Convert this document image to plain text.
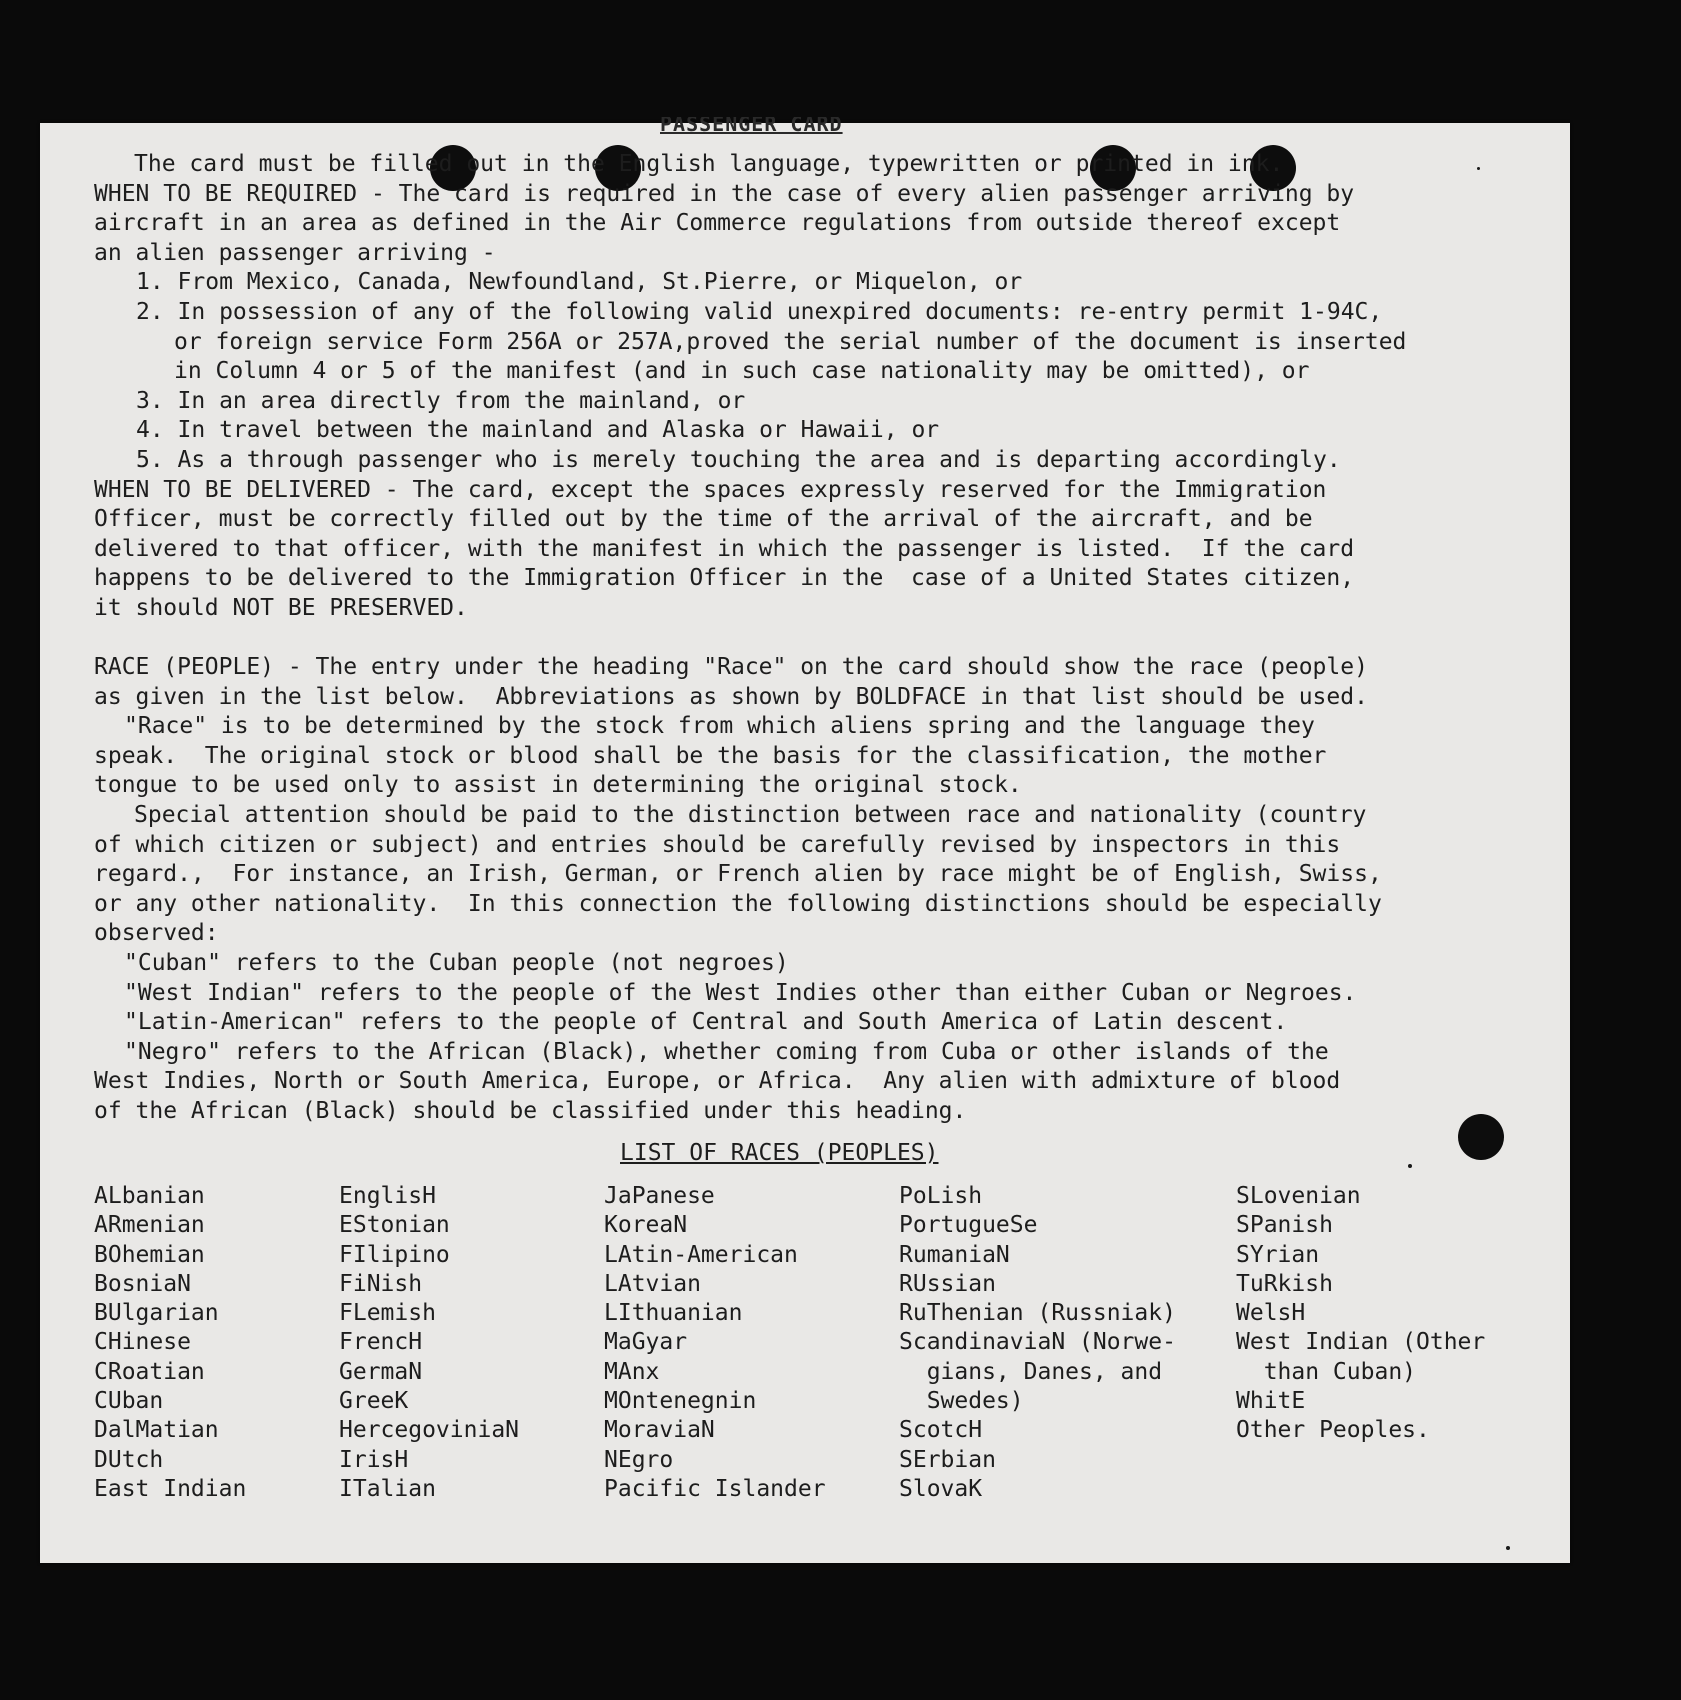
PASSENGER CARD
The card must be filled out in the English language, typewritten or printed in ink.
WHEN TO BE REQUIRED - The card is required in the case of every alien passenger arriving by
aircraft in an area as defined in the Air Commerce regulations from outside thereof except
an alien passenger arriving -
1. From Mexico, Canada, Newfoundland, St.Pierre, or Miquelon, or
2. In possession of any of the following valid unexpired documents: re-entry permit 1-94C,
or foreign service Form 256A or 257A,proved the serial number of the document is inserted
in Column 4 or 5 of the manifest (and in such case nationality may be omitted), or
3. In an area directly from the mainland, or
4. In travel between the mainland and Alaska or Hawaii, or
5. As a through passenger who is merely touching the area and is departing accordingly.
WHEN TO BE DELIVERED - The card, except the spaces expressly reserved for the Immigration
Officer, must be correctly filled out by the time of the arrival of the aircraft, and be
delivered to that officer, with the manifest in which the passenger is listed.  If the card
happens to be delivered to the Immigration Officer in the  case of a United States citizen,
it should NOT BE PRESERVED.
RACE (PEOPLE) - The entry under the heading "Race" on the card should show the race (people)
as given in the list below.  Abbreviations as shown by BOLDFACE in that list should be used.
"Race" is to be determined by the stock from which aliens spring and the language they
speak.  The original stock or blood shall be the basis for the classification, the mother
tongue to be used only to assist in determining the original stock.
Special attention should be paid to the distinction between race and nationality (country
of which citizen or subject) and entries should be carefully revised by inspectors in this
regard.,  For instance, an Irish, German, or French alien by race might be of English, Swiss,
or any other nationality.  In this connection the following distinctions should be especially
observed:
"Cuban" refers to the Cuban people (not negroes)
"West Indian" refers to the people of the West Indies other than either Cuban or Negroes.
"Latin-American" refers to the people of Central and South America of Latin descent.
"Negro" refers to the African (Black), whether coming from Cuba or other islands of the
West Indies, North or South America, Europe, or Africa.  Any alien with admixture of blood
of the African (Black) should be classified under this heading.
LIST OF RACES (PEOPLES)
ALbanian
ARmenian
BOhemian
BosniaN
BUlgarian
CHinese
CRoatian
CUban
DalMatian
DUtch
East Indian
EnglisH
EStonian
FIlipino
FiNish
FLemish
FrencH
GermaN
GreeK
HercegoviniaN
IrisH
ITalian
JaPanese
KoreaN
LAtin-American
LAtvian
LIthuanian
MaGyar
MAnx
MOntenegnin
MoraviaN
NEgro
Pacific Islander
PoLish
PortugueSe
RumaniaN
RUssian
RuThenian (Russniak)
ScandinaviaN (Norwe-
gians, Danes, and
Swedes)
ScotcH
SErbian
SlovaK
SLovenian
SPanish
SYrian
TuRkish
WelsH
West Indian (Other
than Cuban)
WhitE
Other Peoples.
